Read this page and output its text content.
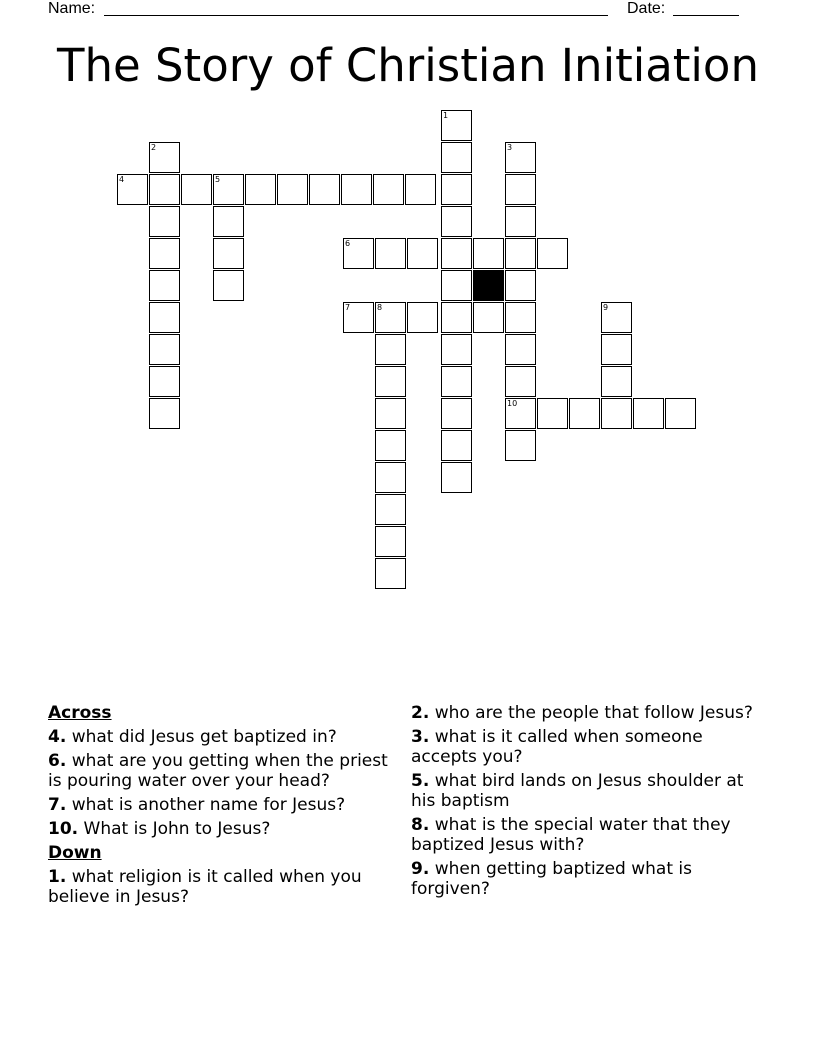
Name:	Date:
The Story of Christian Initiation
1
2	3
4	5
6
7	8	9
10
Across
4. what did Jesus get baptized in?
6. what are you getting when the priest is pouring water over your head?
7. what is another name for Jesus?
10. What is John to Jesus?
Down
1. what religion is it called when you believe in Jesus?
2. who are the people that follow Jesus?
3. what is it called when someone accepts you?
5. what bird lands on Jesus shoulder at his baptism
8. what is the special water that they baptized Jesus with?
9. when getting baptized what is forgiven?
